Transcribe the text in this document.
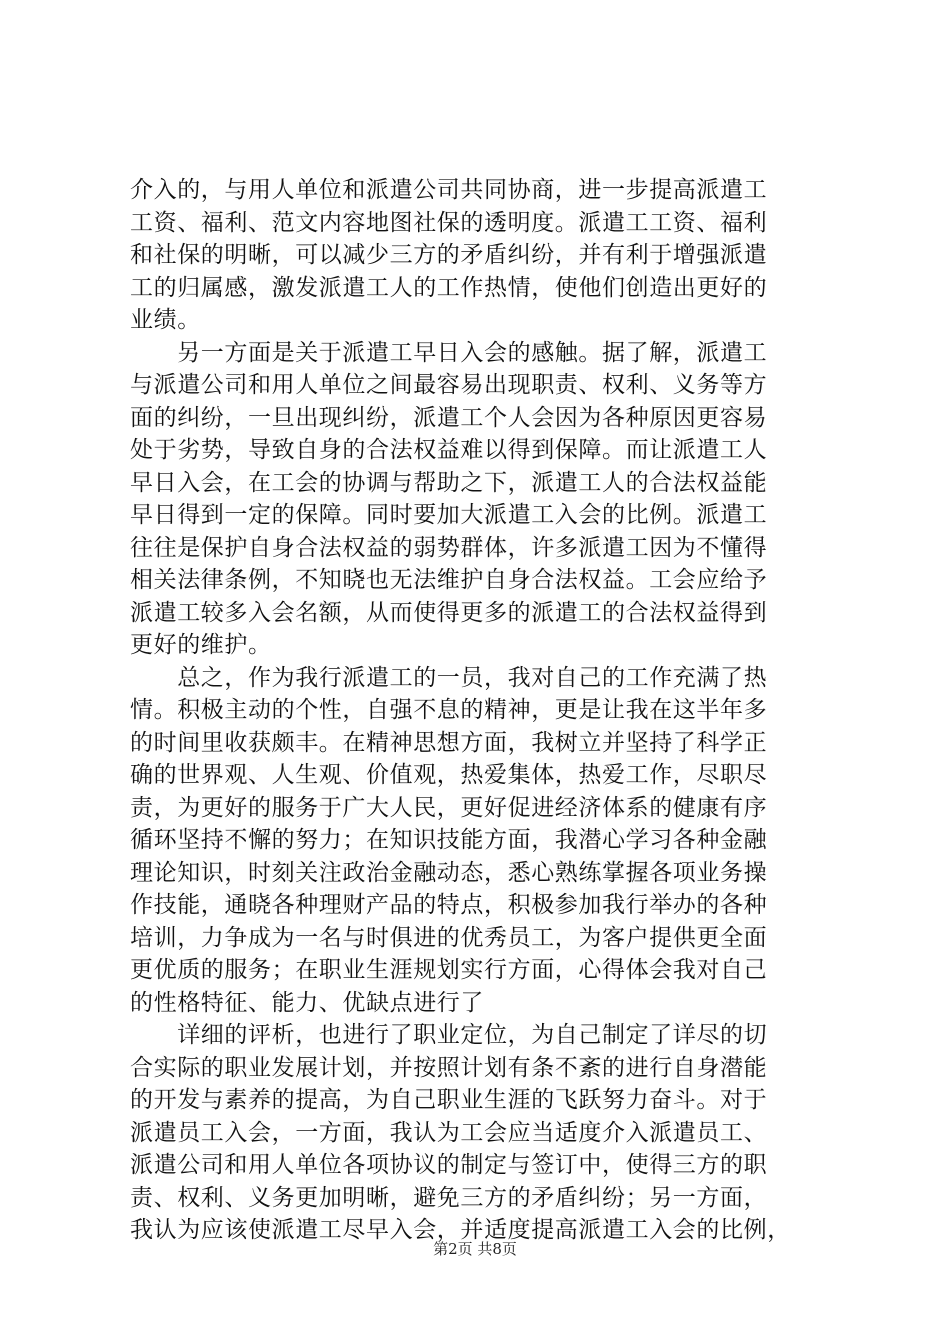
介入的，与用人单位和派遣公司共同协商，进一步提高派遣工
工资、福利、范文内容地图社保的透明度。派遣工工资、福利
和社保的明晰，可以减少三方的矛盾纠纷，并有利于增强派遣
工的归属感，激发派遣工人的工作热情，使他们创造出更好的
业绩。
　　另一方面是关于派遣工早日入会的感触。据了解，派遣工
与派遣公司和用人单位之间最容易出现职责、权利、义务等方
面的纠纷，一旦出现纠纷，派遣工个人会因为各种原因更容易
处于劣势，导致自身的合法权益难以得到保障。而让派遣工人
早日入会，在工会的协调与帮助之下，派遣工人的合法权益能
早日得到一定的保障。同时要加大派遣工入会的比例。派遣工
往往是保护自身合法权益的弱势群体，许多派遣工因为不懂得
相关法律条例，不知晓也无法维护自身合法权益。工会应给予
派遣工较多入会名额，从而使得更多的派遣工的合法权益得到
更好的维护。
　　总之，作为我行派遣工的一员，我对自己的工作充满了热
情。积极主动的个性，自强不息的精神，更是让我在这半年多
的时间里收获颇丰。在精神思想方面，我树立并坚持了科学正
确的世界观、人生观、价值观，热爱集体，热爱工作，尽职尽
责，为更好的服务于广大人民，更好促进经济体系的健康有序
循环坚持不懈的努力；在知识技能方面，我潜心学习各种金融
理论知识，时刻关注政治金融动态，悉心熟练掌握各项业务操
作技能，通晓各种理财产品的特点，积极参加我行举办的各种
培训，力争成为一名与时俱进的优秀员工，为客户提供更全面
更优质的服务；在职业生涯规划实行方面，心得体会我对自己
的性格特征、能力、优缺点进行了
　　详细的评析，也进行了职业定位，为自己制定了详尽的切
合实际的职业发展计划，并按照计划有条不紊的进行自身潜能
的开发与素养的提高，为自己职业生涯的飞跃努力奋斗。对于
派遣员工入会，一方面，我认为工会应当适度介入派遣员工、
派遣公司和用人单位各项协议的制定与签订中，使得三方的职
责、权利、义务更加明晰，避免三方的矛盾纠纷；另一方面，
我认为应该使派遣工尽早入会，并适度提高派遣工入会的比例，
第2页 共8页
